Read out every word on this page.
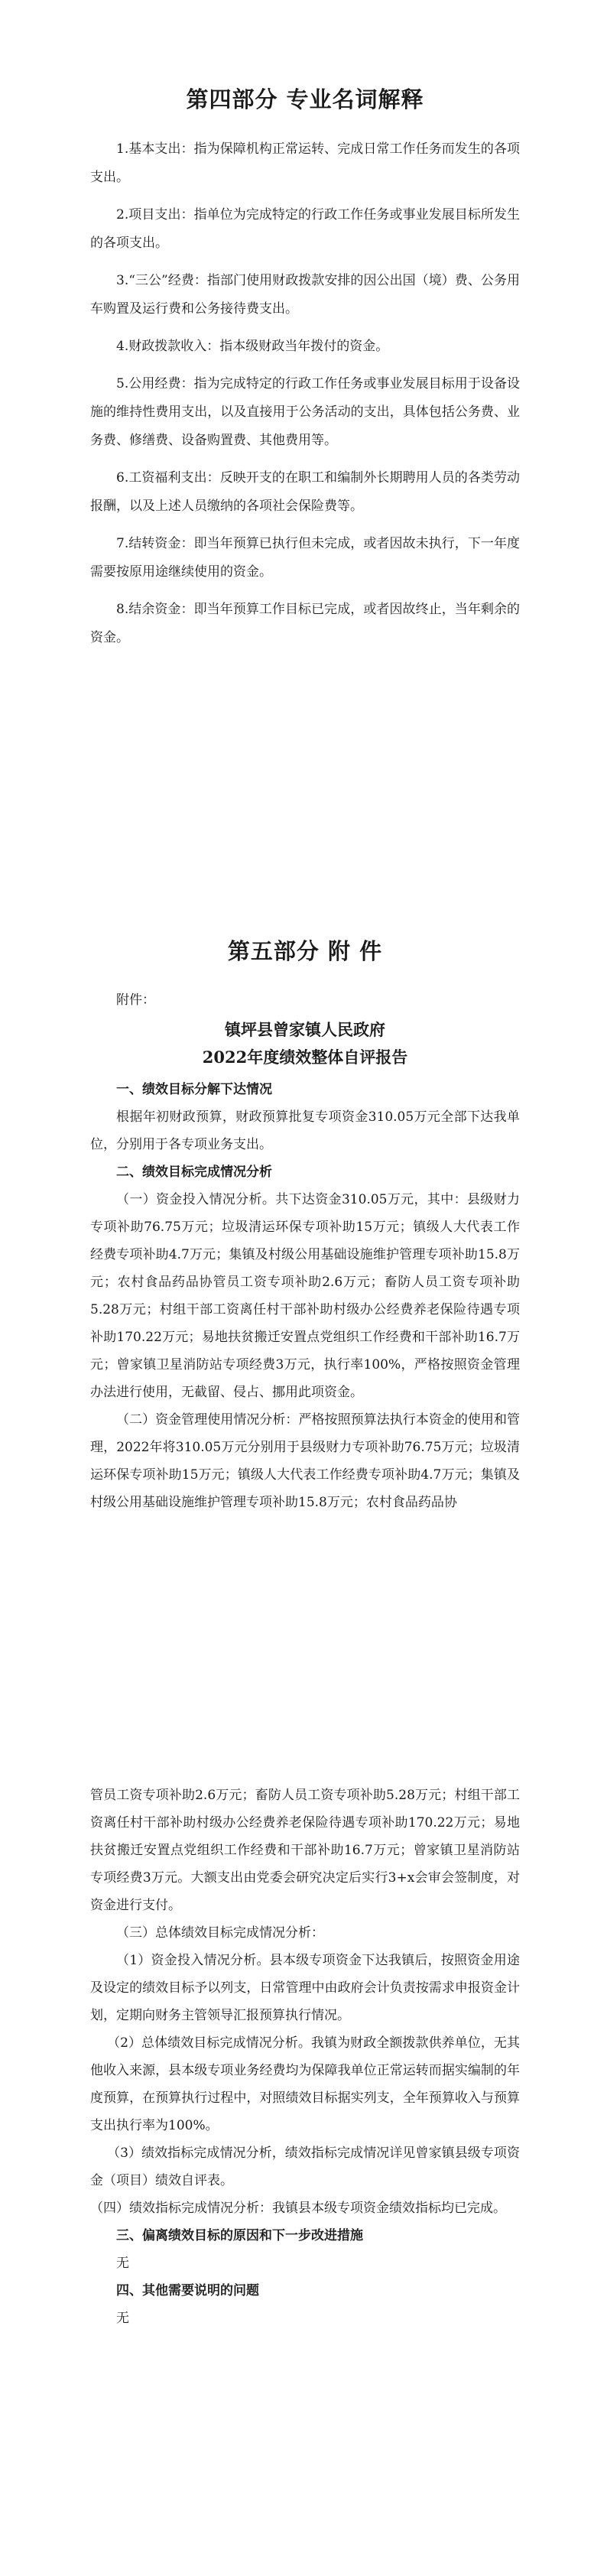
第四部分 专业名词解释

1.基本支出：指为保障机构正常运转、完成日常工作任务而发生的各项支出。

2.项目支出：指单位为完成特定的行政工作任务或事业发展目标所发生的各项支出。

3.“三公”经费：指部门使用财政拨款安排的因公出国（境）费、公务用车购置及运行费和公务接待费支出。

4.财政拨款收入：指本级财政当年拨付的资金。

5.公用经费：指为完成特定的行政工作任务或事业发展目标用于设备设施的维持性费用支出，以及直接用于公务活动的支出，具体包括公务费、业务费、修缮费、设备购置费、其他费用等。

6.工资福利支出：反映开支的在职工和编制外长期聘用人员的各类劳动报酬，以及上述人员缴纳的各项社会保险费等。

7.结转资金：即当年预算已执行但未完成，或者因故未执行，下一年度需要按原用途继续使用的资金。

8.结余资金：即当年预算工作目标已完成，或者因故终止，当年剩余的资金。

第五部分 附 件

附件：

镇坪县曾家镇人民政府

2022年度绩效整体自评报告

一、绩效目标分解下达情况

根据年初财政预算，财政预算批复专项资金310.05万元全部下达我单位，分别用于各专项业务支出。

二、绩效目标完成情况分析

（一）资金投入情况分析。共下达资金310.05万元，其中：县级财力专项补助76.75万元；垃圾清运环保专项补助15万元；镇级人大代表工作经费专项补助4.7万元；集镇及村级公用基础设施维护管理专项补助15.8万元；农村食品药品协管员工资专项补助2.6万元；畜防人员工资专项补助5.28万元；村组干部工资离任村干部补助村级办公经费养老保险待遇专项补助170.22万元；易地扶贫搬迁安置点党组织工作经费和干部补助16.7万元；曾家镇卫星消防站专项经费3万元，执行率100%，严格按照资金管理办法进行使用，无截留、侵占、挪用此项资金。

（二）资金管理使用情况分析：严格按照预算法执行本资金的使用和管理，2022年将310.05万元分别用于县级财力专项补助76.75万元；垃圾清运环保专项补助15万元；镇级人大代表工作经费专项补助4.7万元；集镇及村级公用基础设施维护管理专项补助15.8万元；农村食品药品协

管员工资专项补助2.6万元；畜防人员工资专项补助5.28万元；村组干部工资离任村干部补助村级办公经费养老保险待遇专项补助170.22万元；易地扶贫搬迁安置点党组织工作经费和干部补助16.7万元；曾家镇卫星消防站专项经费3万元。大额支出由党委会研究决定后实行3+x会审会签制度，对资金进行支付。

（三）总体绩效目标完成情况分析：

（1）资金投入情况分析。县本级专项资金下达我镇后，按照资金用途及设定的绩效目标予以列支，日常管理中由政府会计负责按需求申报资金计划，定期向财务主管领导汇报预算执行情况。

（2）总体绩效目标完成情况分析。我镇为财政全额拨款供养单位，无其他收入来源，县本级专项业务经费均为保障我单位正常运转而据实编制的年度预算，在预算执行过程中，对照绩效目标据实列支，全年预算收入与预算支出执行率为100%。

（3）绩效指标完成情况分析，绩效指标完成情况详见曾家镇县级专项资金（项目）绩效自评表。

（四）绩效指标完成情况分析：我镇县本级专项资金绩效指标均已完成。

三、偏离绩效目标的原因和下一步改进措施

无

四、其他需要说明的问题

无
